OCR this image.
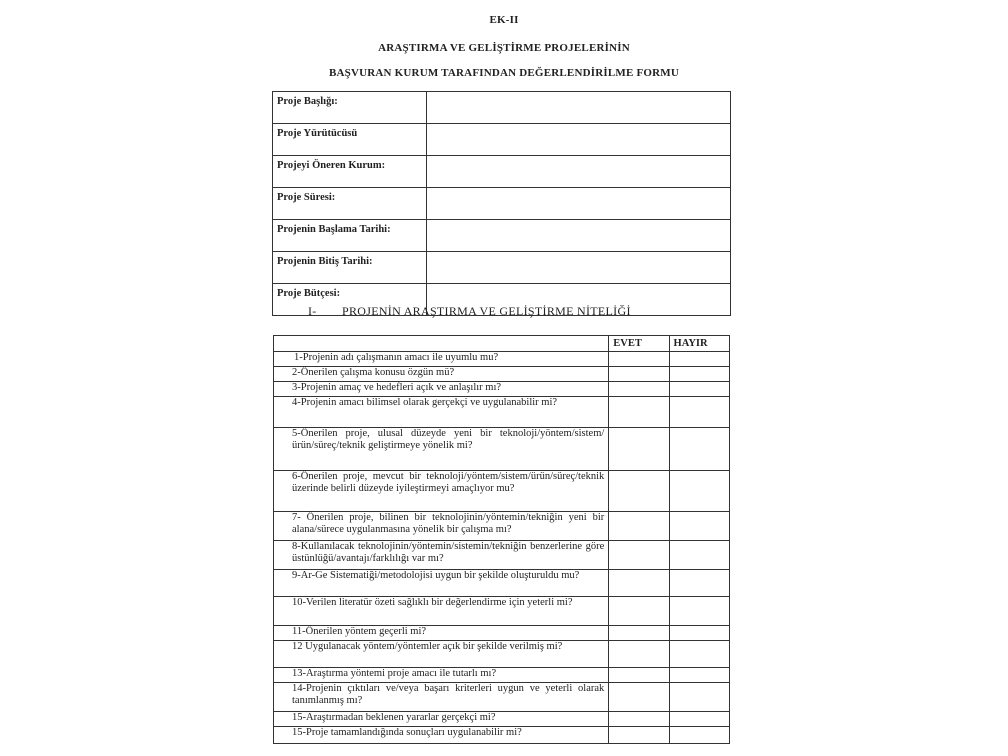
EK-II
ARAŞTIRMA VE GELİŞTİRME PROJELERİNİN
BAŞVURAN KURUM TARAFINDAN DEĞERLENDİRİLME FORMU
Proje Başlığı:	
Proje Yürütücüsü	
Projeyi Öneren Kurum:	
Proje Süresi:	
Projenin Başlama Tarihi:	
Projenin Bitiş Tarihi:	
Proje Bütçesi:	
I- PROJENİN ARAŞTIRMA VE GELİŞTİRME NİTELİĞİ
	EVET	HAYIR
1-Projenin adı çalışmanın amacı ile uyumlu mu?		
2-Önerilen çalışma konusu özgün mü?		
3-Projenin amaç ve hedefleri açık ve anlaşılır mı?		
4-Projenin amacı bilimsel olarak gerçekçi ve uygulanabilir mi?		
5-Önerilen proje, ulusal düzeyde yeni bir teknoloji/yöntem/sistem/ürün/süreç/teknik geliştirmeye yönelik mi?		
6-Önerilen proje, mevcut bir teknoloji/yöntem/sistem/ürün/süreç/teknik üzerinde belirli düzeyde iyileştirmeyi amaçlıyor mu?		
7- Önerilen proje, bilinen bir teknolojinin/yöntemin/tekniğin yeni bir alana/sürece uygulanmasına yönelik bir çalışma mı?		
8-Kullanılacak teknolojinin/yöntemin/sistemin/tekniğin benzerlerine göre üstünlüğü/avantajı/farklılığı var mı?		
9-Ar-Ge Sistematiği/metodolojisi uygun bir şekilde oluşturuldu mu?		
10-Verilen literatür özeti sağlıklı bir değerlendirme için yeterli mi?		
11-Önerilen yöntem geçerli mi?		
12 Uygulanacak yöntem/yöntemler açık bir şekilde verilmiş mi?		
13-Araştırma yöntemi proje amacı ile tutarlı mı?		
14-Projenin çıktıları ve/veya başarı kriterleri uygun ve yeterli olarak tanımlanmış mı?		
15-Araştırmadan beklenen yararlar gerçekçi mi?		
15-Proje tamamlandığında sonuçları uygulanabilir mi?		
